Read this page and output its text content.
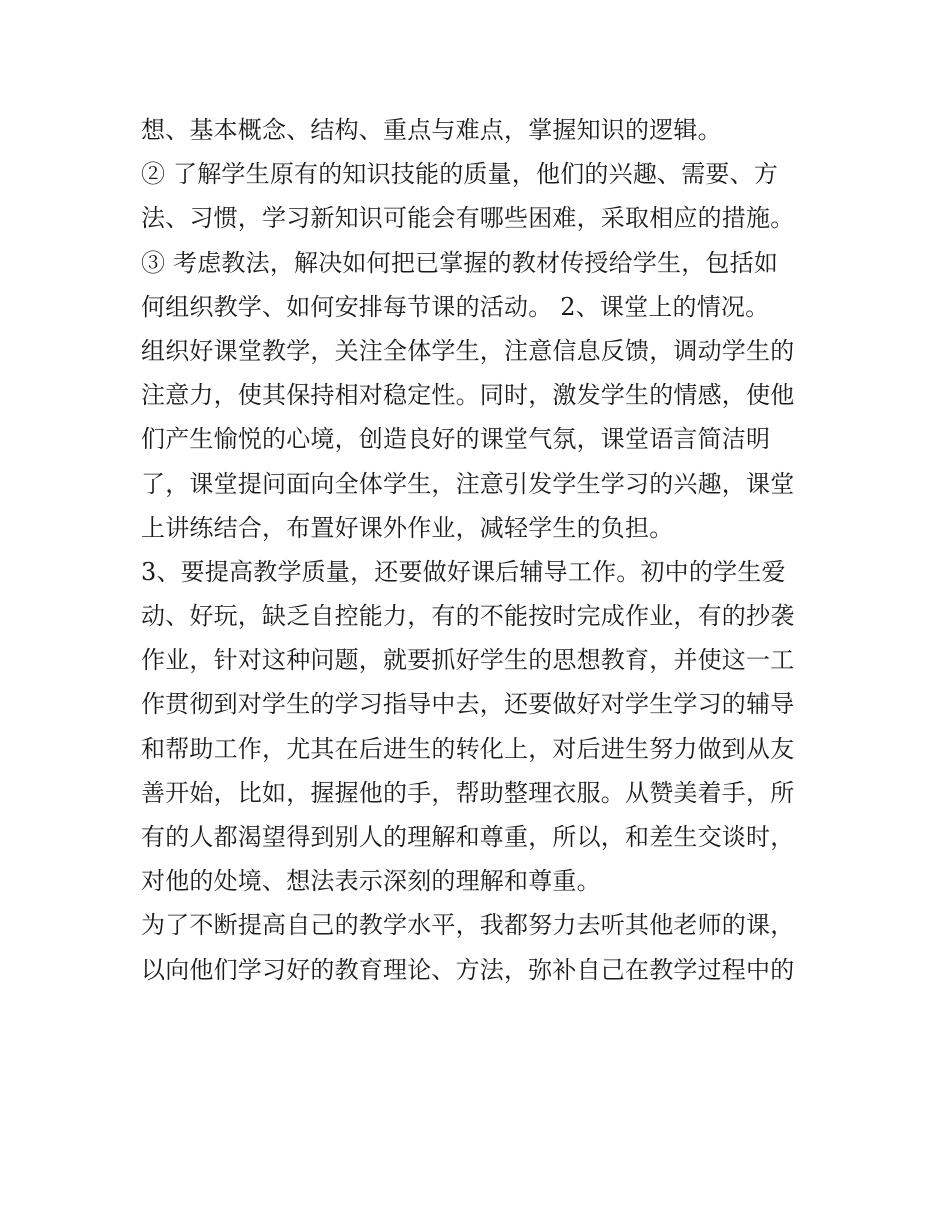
想、基本概念、结构、重点与难点，掌握知识的逻辑。
② 了解学生原有的知识技能的质量，他们的兴趣、需要、方
法、习惯，学习新知识可能会有哪些困难，采取相应的措施。
③ 考虑教法，解决如何把已掌握的教材传授给学生，包括如
何组织教学、如何安排每节课的活动。 2、课堂上的情况。
组织好课堂教学，关注全体学生，注意信息反馈，调动学生的
注意力，使其保持相对稳定性。同时，激发学生的情感，使他
们产生愉悦的心境，创造良好的课堂气氛，课堂语言简洁明
了，课堂提问面向全体学生，注意引发学生学习的兴趣，课堂
上讲练结合，布置好课外作业，减轻学生的负担。
3、要提高教学质量，还要做好课后辅导工作。初中的学生爱
动、好玩，缺乏自控能力，有的不能按时完成作业，有的抄袭
作业，针对这种问题，就要抓好学生的思想教育，并使这一工
作贯彻到对学生的学习指导中去，还要做好对学生学习的辅导
和帮助工作，尤其在后进生的转化上，对后进生努力做到从友
善开始，比如，握握他的手，帮助整理衣服。从赞美着手，所
有的人都渴望得到别人的理解和尊重，所以，和差生交谈时，
对他的处境、想法表示深刻的理解和尊重。
为了不断提高自己的教学水平，我都努力去听其他老师的课，
以向他们学习好的教育理论、方法，弥补自己在教学过程中的
